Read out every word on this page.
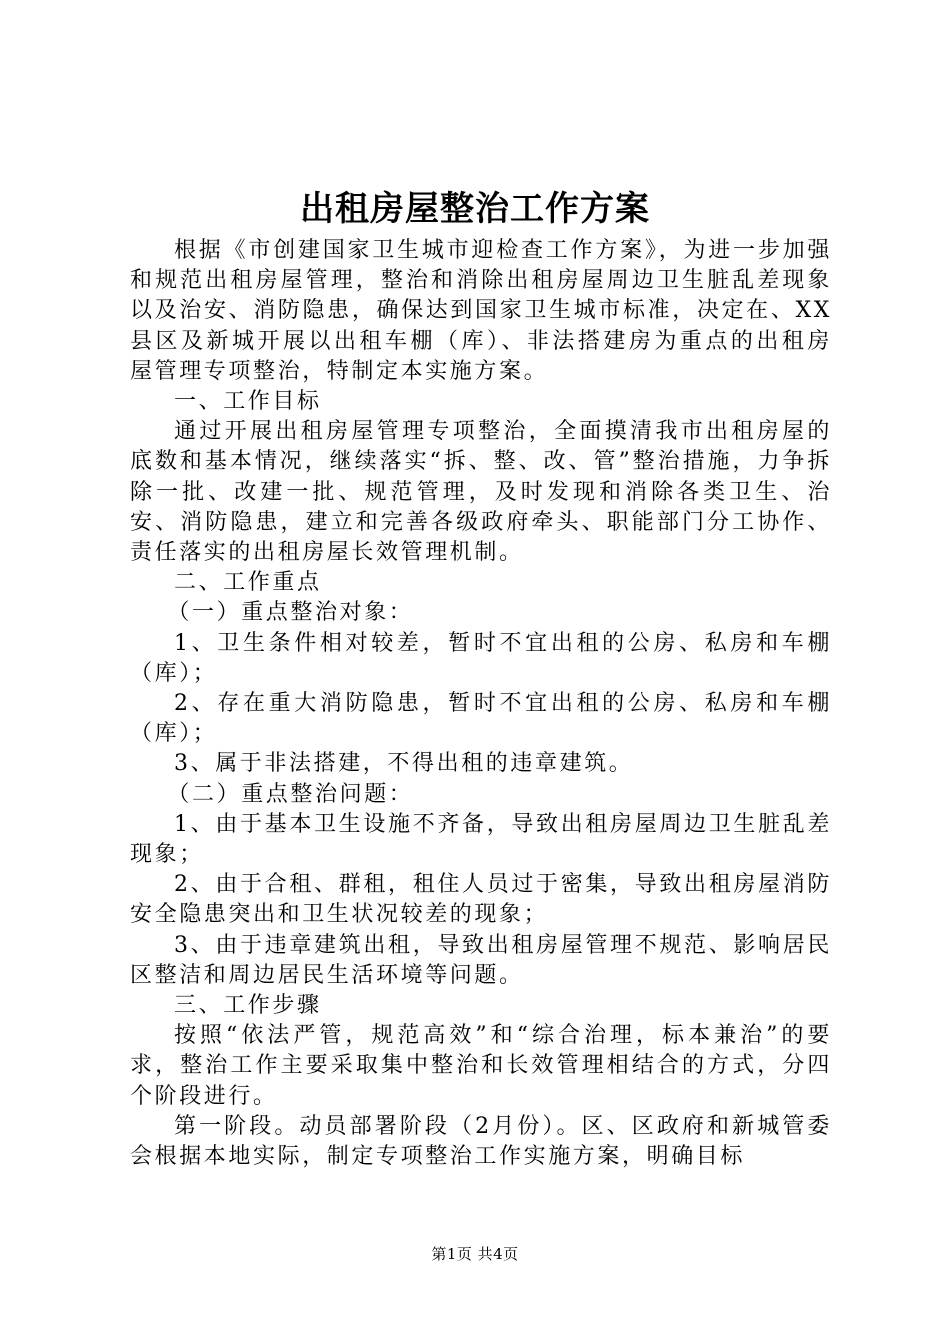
出租房屋整治工作方案

根据《市创建国家卫生城市迎检查工作方案》，为进一步加强和规范出租房屋管理，整治和消除出租房屋周边卫生脏乱差现象以及治安、消防隐患，确保达到国家卫生城市标准，决定在、XX县区及新城开展以出租车棚（库）、非法搭建房为重点的出租房屋管理专项整治，特制定本实施方案。

一、工作目标

通过开展出租房屋管理专项整治，全面摸清我市出租房屋的底数和基本情况，继续落实“拆、整、改、管”整治措施，力争拆除一批、改建一批、规范管理，及时发现和消除各类卫生、治安、消防隐患，建立和完善各级政府牵头、职能部门分工协作、责任落实的出租房屋长效管理机制。

二、工作重点

（一）重点整治对象：

1、卫生条件相对较差，暂时不宜出租的公房、私房和车棚（库）；

2、存在重大消防隐患，暂时不宜出租的公房、私房和车棚（库）；

3、属于非法搭建，不得出租的违章建筑。

（二）重点整治问题：

1、由于基本卫生设施不齐备，导致出租房屋周边卫生脏乱差现象；

2、由于合租、群租，租住人员过于密集，导致出租房屋消防安全隐患突出和卫生状况较差的现象；

3、由于违章建筑出租，导致出租房屋管理不规范、影响居民区整洁和周边居民生活环境等问题。

三、工作步骤

按照“依法严管，规范高效”和“综合治理，标本兼治”的要求，整治工作主要采取集中整治和长效管理相结合的方式，分四个阶段进行。

第一阶段。动员部署阶段（2月份）。区、区政府和新城管委会根据本地实际，制定专项整治工作实施方案，明确目标

第1页 共4页
